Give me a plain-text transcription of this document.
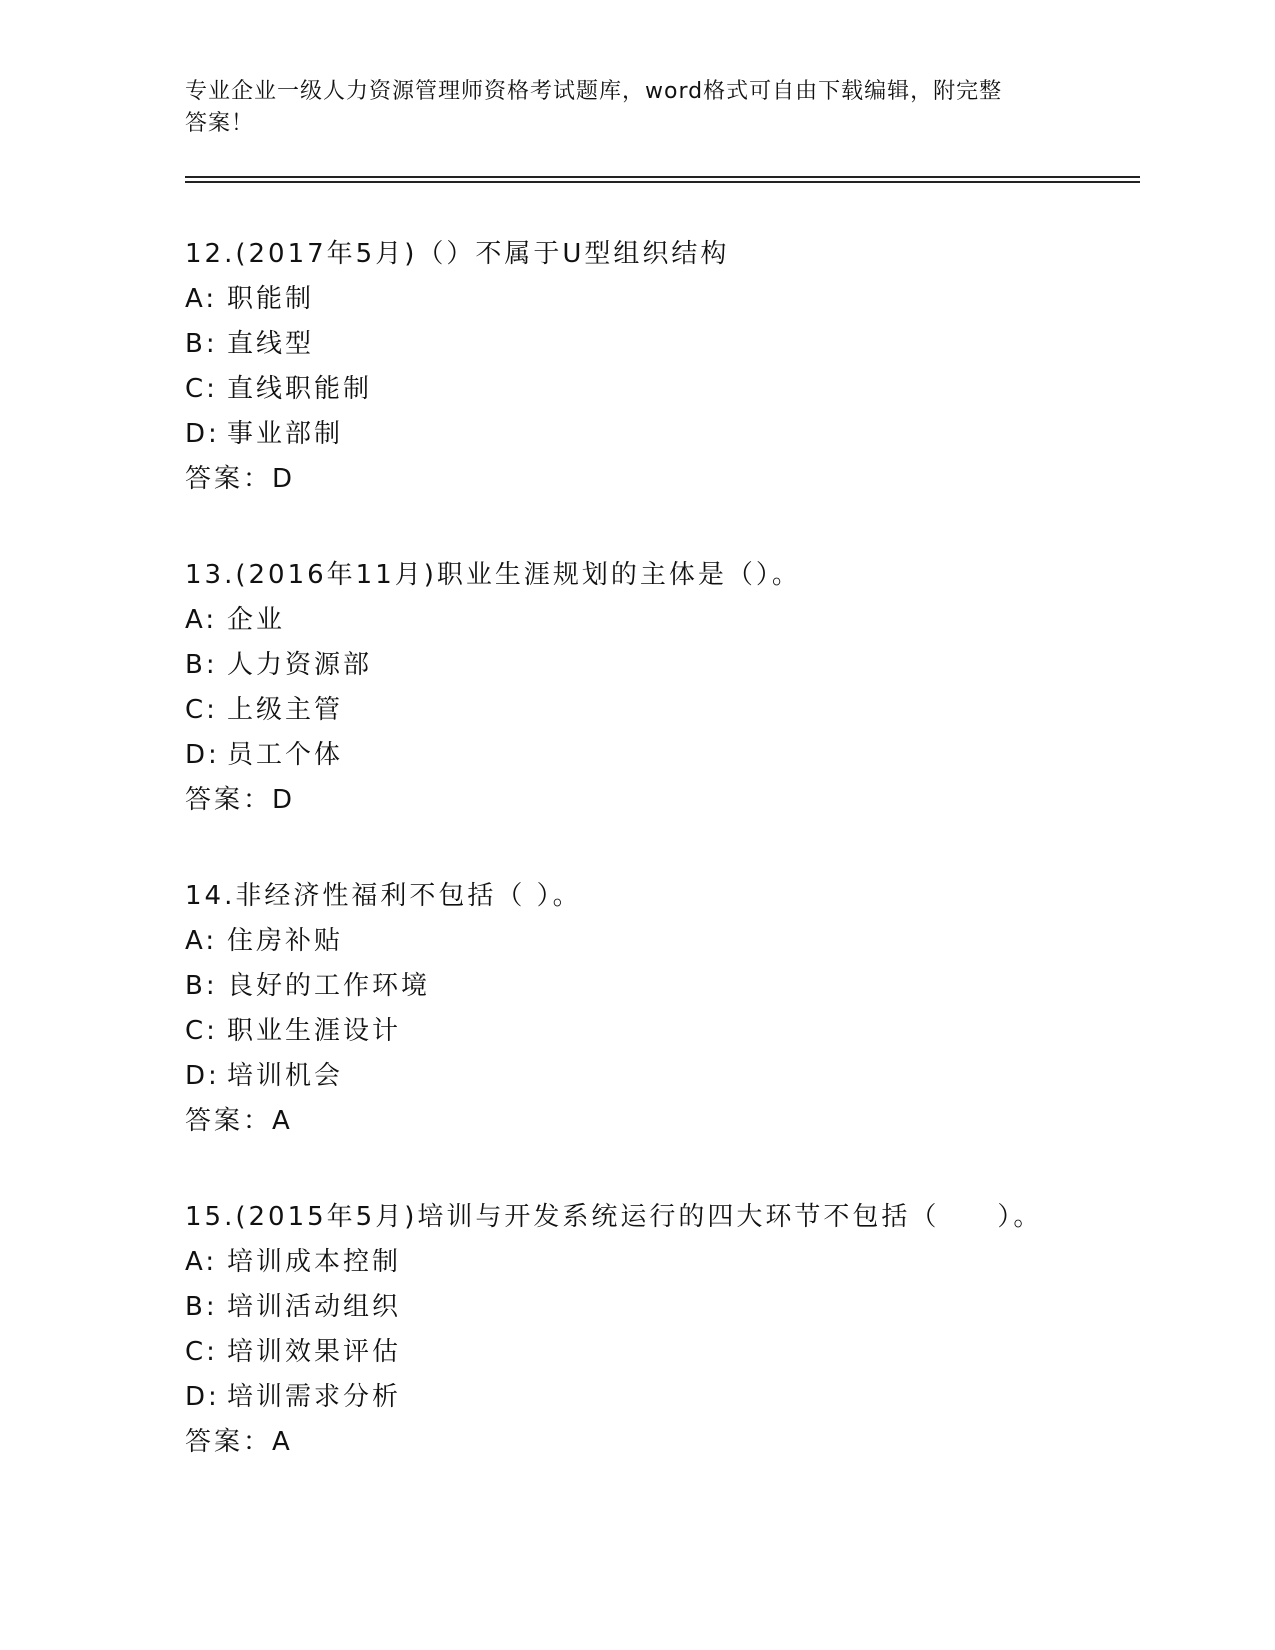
专业企业一级人力资源管理师资格考试题库，word格式可自由下载编辑，附完整
答案！
12.(2017年5月)（）不属于U型组织结构
A: 职能制
B: 直线型
C: 直线职能制
D: 事业部制
答案：D
13.(2016年11月)职业生涯规划的主体是（）。
A: 企业
B: 人力资源部
C: 上级主管
D: 员工个体
答案：D
14.非经济性福利不包括（ ）。
A: 住房补贴
B: 良好的工作环境
C: 职业生涯设计
D: 培训机会
答案：A
15.(2015年5月)培训与开发系统运行的四大环节不包括（　　）。
A: 培训成本控制
B: 培训活动组织
C: 培训效果评估
D: 培训需求分析
答案：A
